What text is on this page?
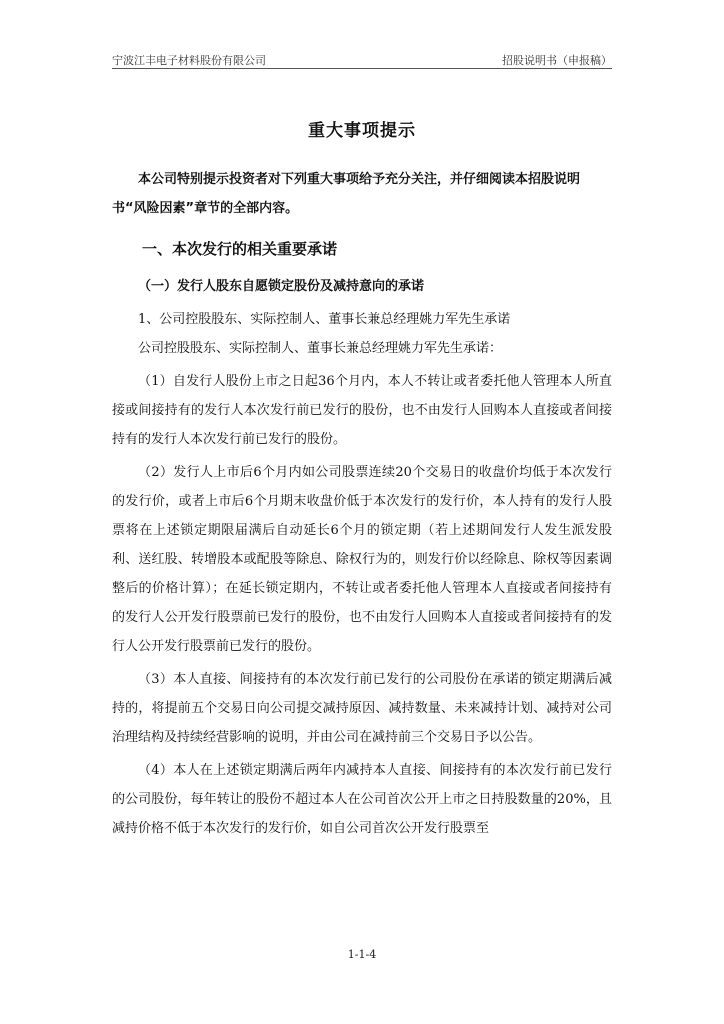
宁波江丰电子材料股份有限公司	招股说明书（申报稿）
重大事项提示

本公司特别提示投资者对下列重大事项给予充分关注，并仔细阅读本招股说明书“风险因素”章节的全部内容。

一、本次发行的相关重要承诺
（一）发行人股东自愿锁定股份及减持意向的承诺

1、公司控股股东、实际控制人、董事长兼总经理姚力军先生承诺

公司控股股东、实际控制人、董事长兼总经理姚力军先生承诺：

（1）自发行人股份上市之日起36个月内，本人不转让或者委托他人管理本人所直接或间接持有的发行人本次发行前已发行的股份，也不由发行人回购本人直接或者间接持有的发行人本次发行前已发行的股份。

（2）发行人上市后6个月内如公司股票连续20个交易日的收盘价均低于本次发行的发行价，或者上市后6个月期末收盘价低于本次发行的发行价，本人持有的发行人股票将在上述锁定期限届满后自动延长6个月的锁定期（若上述期间发行人发生派发股利、送红股、转增股本或配股等除息、除权行为的，则发行价以经除息、除权等因素调整后的价格计算）；在延长锁定期内，不转让或者委托他人管理本人直接或者间接持有的发行人公开发行股票前已发行的股份，也不由发行人回购本人直接或者间接持有的发行人公开发行股票前已发行的股份。

（3）本人直接、间接持有的本次发行前已发行的公司股份在承诺的锁定期满后减持的，将提前五个交易日向公司提交减持原因、减持数量、未来减持计划、减持对公司治理结构及持续经营影响的说明，并由公司在减持前三个交易日予以公告。

（4）本人在上述锁定期满后两年内减持本人直接、间接持有的本次发行前已发行的公司股份，每年转让的股份不超过本人在公司首次公开上市之日持股数量的20%，且减持价格不低于本次发行的发行价，如自公司首次公开发行股票至

1-1-4
